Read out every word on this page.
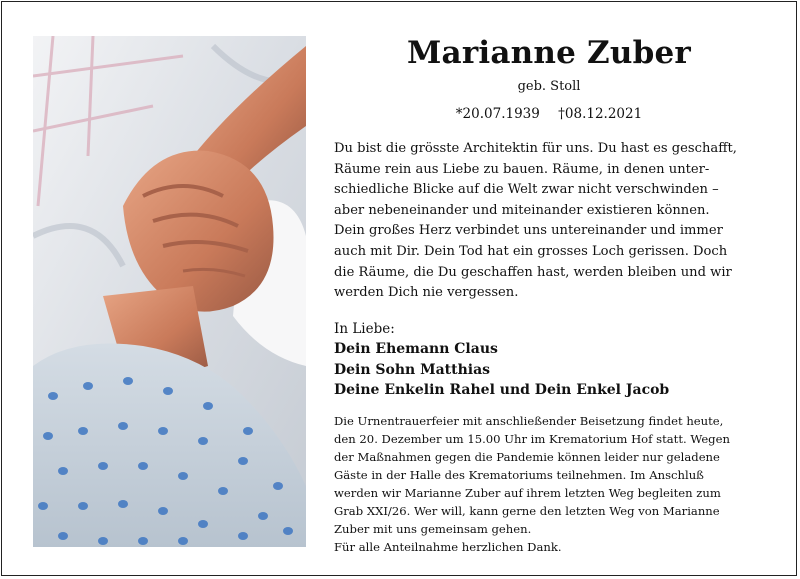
Marianne Zuber
geb. Stoll
*20.07.1939 †08.12.2021
Du bist die grösste Architektin für uns. Du hast es geschafft,
Räume rein aus Liebe zu bauen. Räume, in denen unter-
schiedliche Blicke auf die Welt zwar nicht verschwinden –
aber nebeneinander und miteinander existieren können.
Dein großes Herz verbindet uns untereinander und immer
auch mit Dir. Dein Tod hat ein grosses Loch gerissen. Doch
die Räume, die Du geschaffen hast, werden bleiben und wir
werden Dich nie vergessen.
In Liebe:
Dein Ehemann Claus
Dein Sohn Matthias
Deine Enkelin Rahel und Dein Enkel Jacob
Die Urnentrauerfeier mit anschließender Beisetzung findet heute,
den 20. Dezember um 15.00 Uhr im Krematorium Hof statt. Wegen
der Maßnahmen gegen die Pandemie können leider nur geladene
Gäste in der Halle des Krematoriums teilnehmen. Im Anschluß
werden wir Marianne Zuber auf ihrem letzten Weg begleiten zum
Grab XXI/26. Wer will, kann gerne den letzten Weg von Marianne
Zuber mit uns gemeinsam gehen.
Für alle Anteilnahme herzlichen Dank.
